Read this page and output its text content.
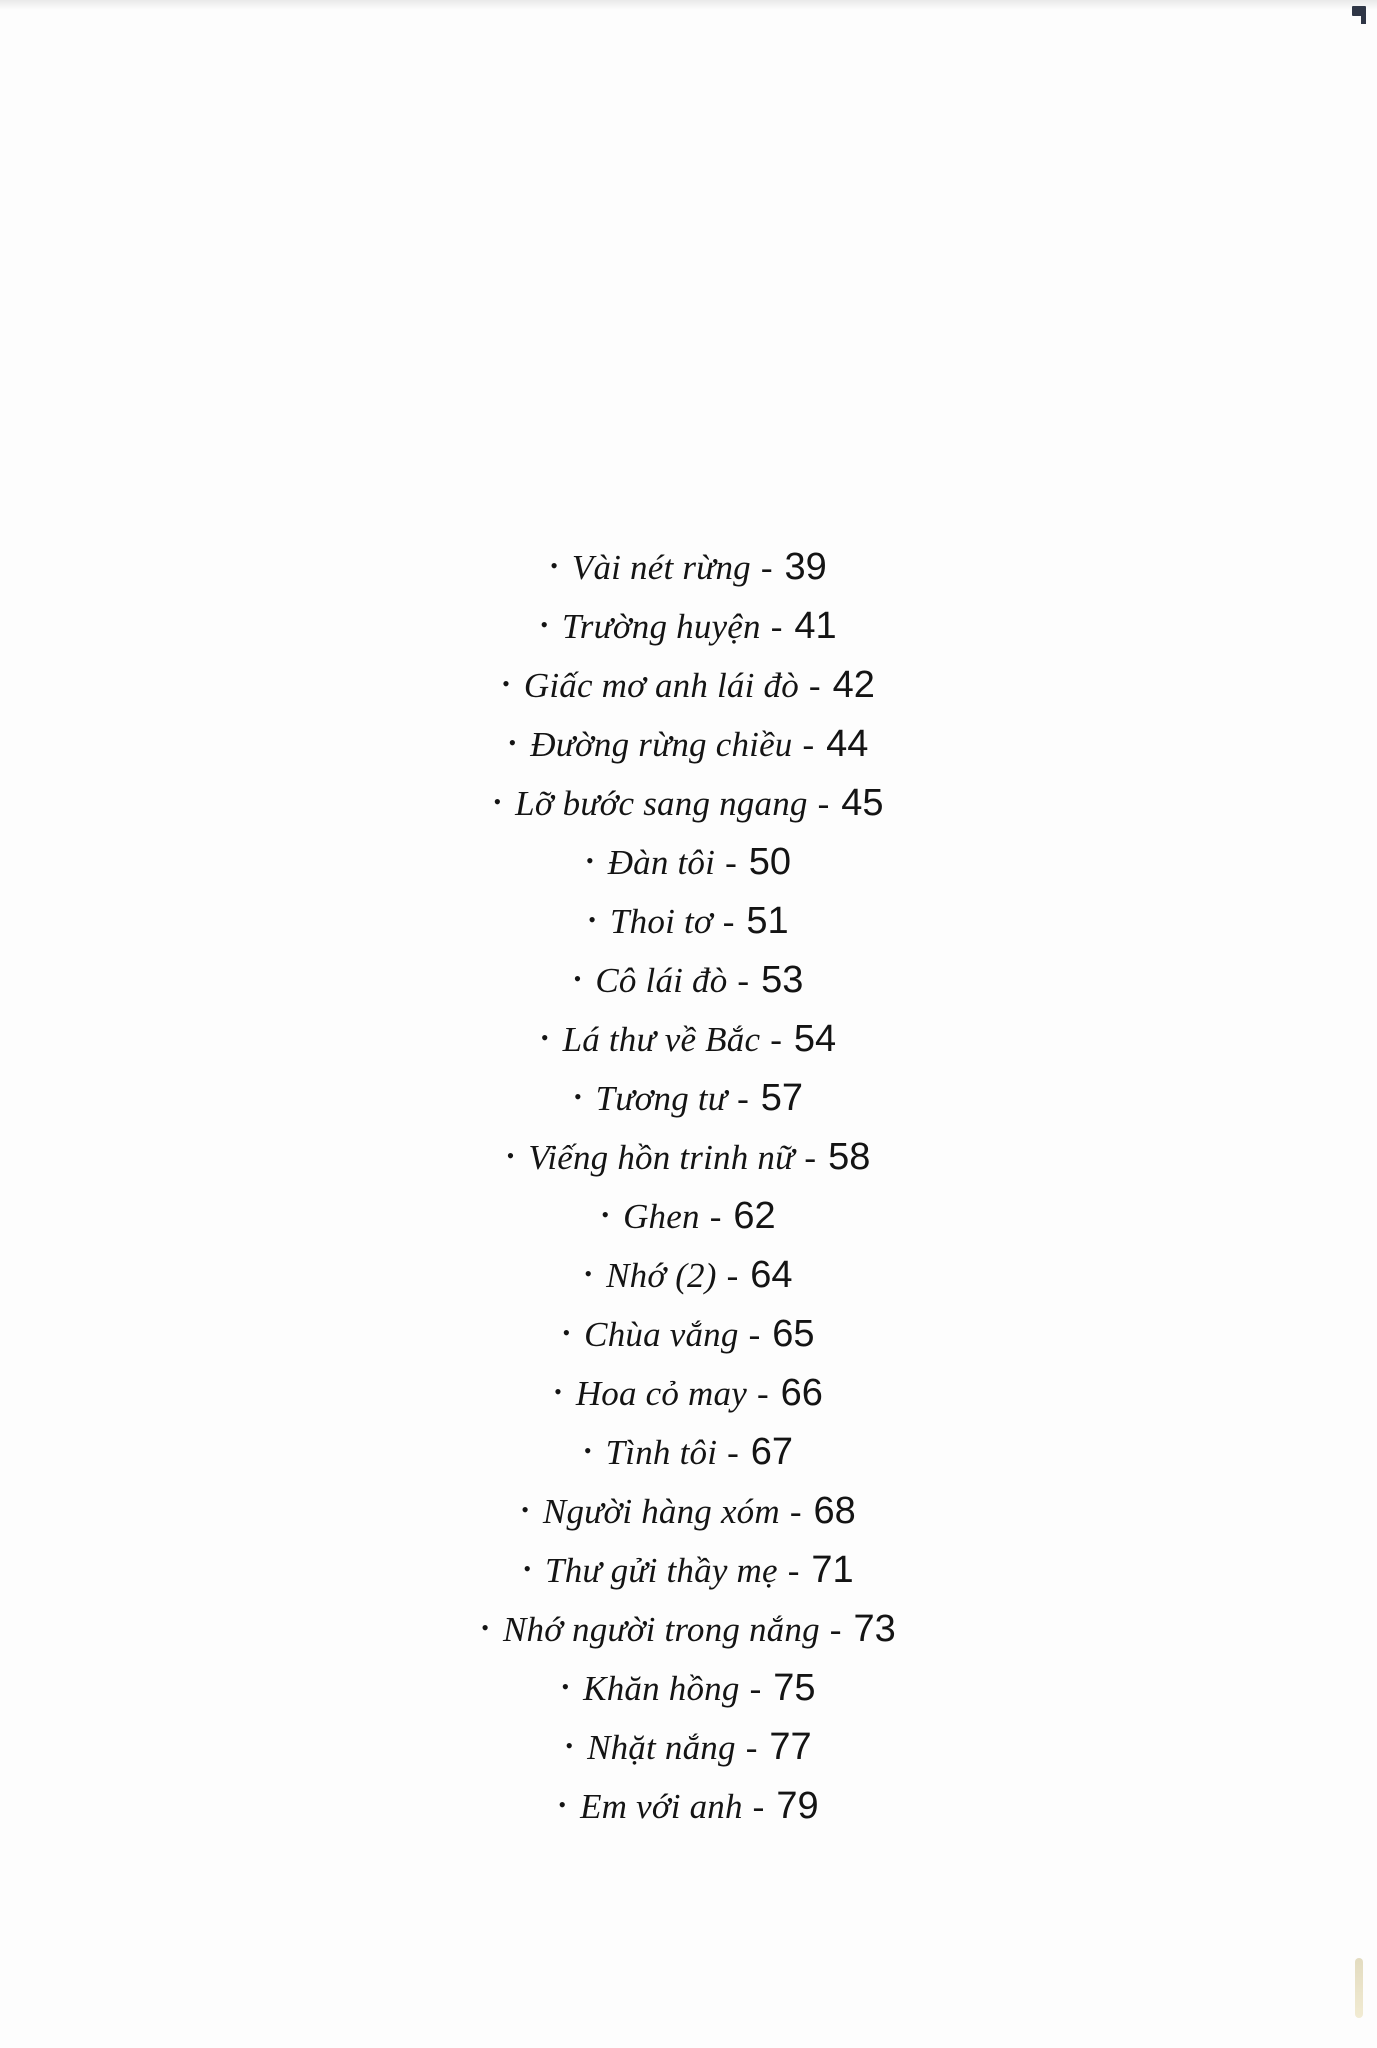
• Vài nét rừng - 39
• Trường huyện - 41
• Giấc mơ anh lái đò - 42
• Đường rừng chiều - 44
• Lỡ bước sang ngang - 45
• Đàn tôi - 50
• Thoi tơ - 51
• Cô lái đò - 53
• Lá thư về Bắc - 54
• Tương tư - 57
• Viếng hồn trinh nữ - 58
• Ghen - 62
• Nhớ (2) - 64
• Chùa vắng - 65
• Hoa cỏ may - 66
• Tình tôi - 67
• Người hàng xóm - 68
• Thư gửi thầy mẹ - 71
• Nhớ người trong nắng - 73
• Khăn hồng - 75
• Nhặt nắng - 77
• Em với anh - 79
